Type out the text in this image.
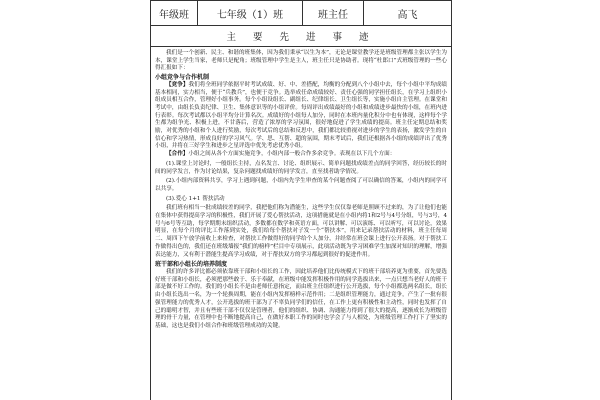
年级班	七年级（1）班	班主任	高飞
主 要 先 进 事 迹

我们是一个创新、民主、和谐的班集体，因为我们秉承“以生为本”，无论是课堂教学还是班级管理都主张以学生为本，课堂上学生当家，老师只是配角；班级管理中学生是主人，班主任只是协助者。现将“杜郎口”式班级管理的一些心得汇报如下：

小组竞争与合作机制

【竞争】我们将全班同学依据平时考试成绩、好、中、差搭配，均衡的分配到八个小组中去，每个小组中平均成绩基本相同，实力相当，便于“兵教兵”，也便于竞争。选举成任命成绩较好、责任心强的同学担任组长，在学习上组织小组成员相互合作，管理好小组事务。每个小组设组长、副组长、纪律组长、卫生组长等，实施小组自主管理。在课堂和考试中，由组长负责纪律、卫生、集体意识等的小组评价。每周评出成绩最好的小组和成绩进步最快的小组，在班内进行表彰。每次考试都以小组平均分计算名次。成绩好的小组每人加分，同时在本班内量化积分中也有体现，这样每个学生都为组争光、积极上进，不甘落后，营造了浓厚的学习氛围，很好地促进了学生成绩的提高。班主任定期总结和奖励，对优秀的小组和个人进行奖励，每次考试后的总结和反思中，我们都比较重视对进步的学生的表扬，激发学生的自信心和学习热情，形成良好的学习风气。学、思、互帮、超的氛围，期末考试后，我们还根据各小组的成绩评出了优秀小组，并将在三好学生和进步之星评选中优先考虑优秀小组。

【合作】小组之间从各个方面实施竞争，小组内部一般合作多余竞争。表现在以下几个方面：

(1).课堂上讨论时，一般组长主持，点名发言、讨论、组织展示、简单问题找成绩差点的同学回答，经历较长的时间的同学发言，作为讨论结果，复杂问题找成绩好的同学发言，直至找者助学情况。

(2).小组内部资料共享，学习上遇到问题，小组内先学生审查的某个问题查阅了可以确信的答案，小组内的同学可以共享。

(3).爱心 1+1 帮扶活动

我们班有相当一批成绩较差的同学，我把他们称为潜能生，这些学生仅仅靠老师是照顾不过来的，为了让他们也能在集体中获得提高学习的积极性，我们开展了爱心帮扶活动，这项措施就是在小组内将1和2号与4号分组，号与3号，4号与6号等互助，每学期期末组织活动，多数都在数学和英语方面，可以讲解、可以演练、可以听写，可以讨论，效果明显，在每个月的评比工作落到实处，我们给每个帮扶对子发一个“帮扶本”，用来记录帮扶活动的材料，班主任每周二、周四下午放学前收上来检查，对帮扶工作做得好的同学给个人加分，并经常在班会课上进行公开表扬。对于帮扶工作做得出色的，我们还在班级墙报“我们的榜样”栏目中专项展示，此项活动既为学习困难学生加深对知识的理解，增强表达能力，又有利于潜能生提高学习成绩，对于帮扶双方的学习都起到很好的促进作用。

班干部和小组长的培养制度

我们的许多评比都必须依靠班干部和小组长的工作，因此培养他们比传统模式下的班干部培养更为重要，首先要选好班干部和小组长，必须把那些敢于、乐于奉献，在班级中能发挥积极作用的同学选拔出来，一点只想当老好人的班干部是做不好工作的。我们的小组长不是由老师任意指定，而由班主任组织进行公开选拔，每个小组都选两名组长，组长由小组长选出一名，为一个轮换周期，能在小组内发挥榜样示范作用；二是组织管理能力，通过竞争，产生了一批有很强管理能力的优秀人才，公开选拔的班干部为了不辜负同学们的信任，在工作上更有积极性和主动性，同时也发挥了自己的聪明才智，并且有些班干部不仅仅是管理者，他们的组织、协调、沟通能力得到了很大的提高，逐渐成长为班级管理的骨干力量，在管理中也不断地提高自己，在做好本职工作的同时也学会了与人相处，为班级管理工作打下了坚实的基础，这也是我们小组合作和班级管理成功的关键。
